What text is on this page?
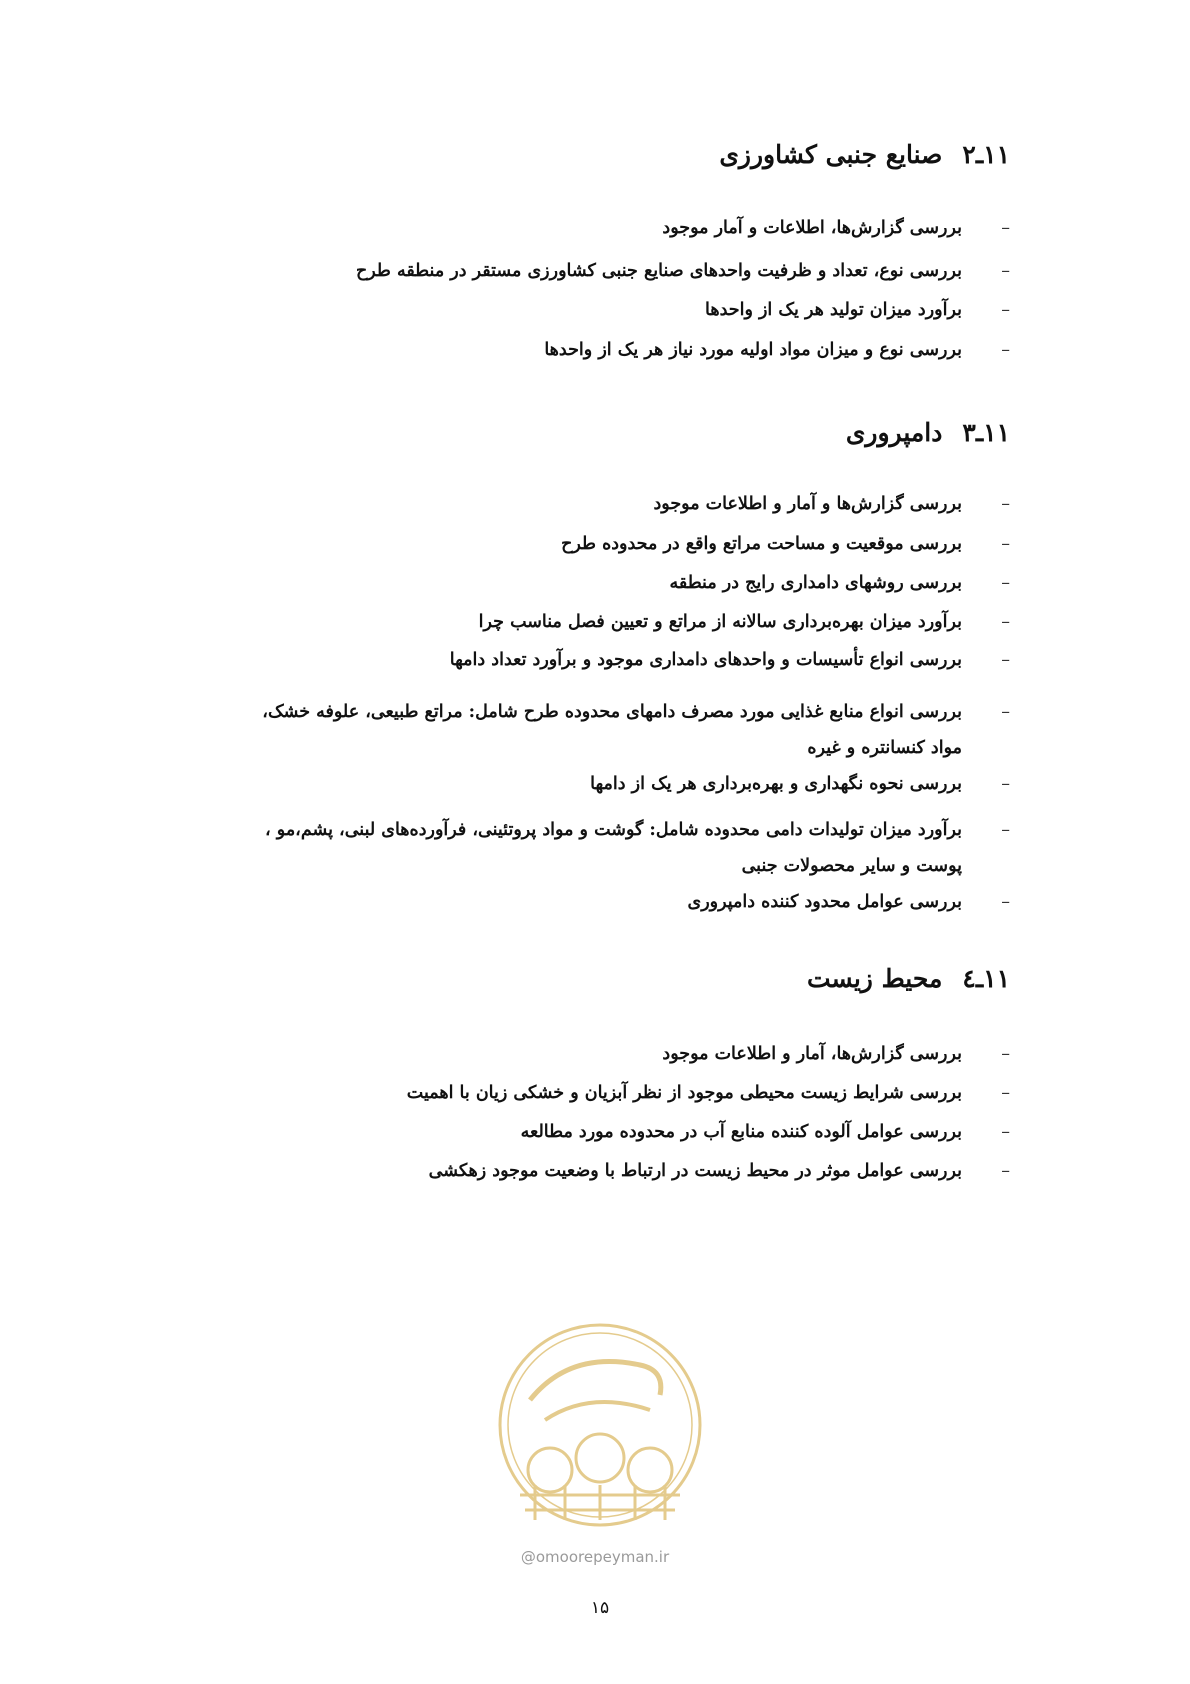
۱۱ـ۲صنایع جنبی کشاورزی
–
بررسی گزارش‌ها، اطلاعات و آمار موجود
–
بررسی نوع، تعداد و ظرفیت واحدهای صنایع جنبی کشاورزی مستقر در منطقه طرح
–
برآورد میزان تولید هر یک از واحدها
–
بررسی نوع و میزان مواد اولیه مورد نیاز هر یک از واحدها
۱۱ـ۳دامپروری
–
بررسی گزارش‌ها و آمار و اطلاعات موجود
–
بررسی موقعیت و مساحت مراتع واقع در محدوده طرح
–
بررسی روشهای دامداری رایج در منطقه
–
برآورد میزان بهره‌برداری سالانه از مراتع و تعیین فصل مناسب چرا
–
بررسی انواع تأسیسات و واحدهای دامداری موجود و برآورد تعداد دامها
–
بررسی انواع منابع غذایی مورد مصرف دامهای محدوده طرح شامل: مراتع طبیعی، علوفه خشک،
مواد کنسانتره و غیره
–
بررسی نحوه نگهداری و بهره‌برداری هر یک از دامها
–
برآورد میزان تولیدات دامی محدوده شامل: گوشت و مواد پروتئینی، فرآورده‌های لبنی، پشم،مو ،
پوست و سایر محصولات جنبی
–
بررسی عوامل محدود کننده دامپروری
۱۱ـ٤محیط زیست
–
بررسی گزارش‌ها، آمار و اطلاعات موجود
–
بررسی شرایط زیست محیطی موجود از نظر آبزیان و خشکی زیان با اهمیت
–
بررسی عوامل آلوده کننده منابع آب در محدوده مورد مطالعه
–
بررسی عوامل موثر در محیط زیست در ارتباط با وضعیت موجود زهکشی
@omoorepeyman.ir
۱۵
